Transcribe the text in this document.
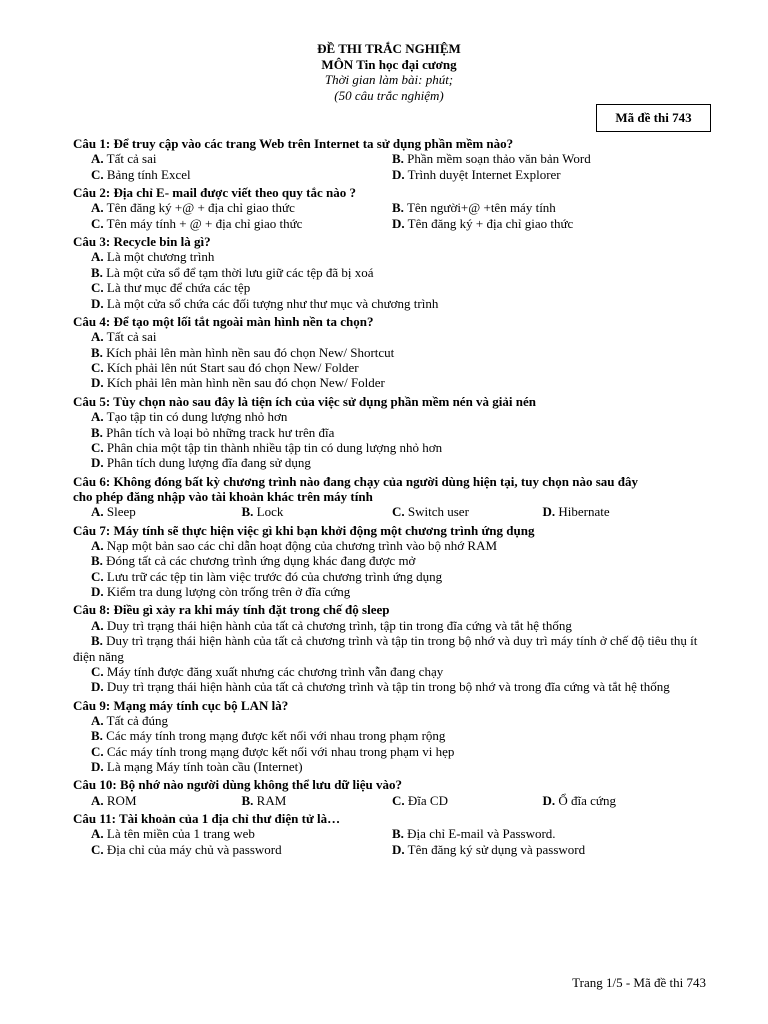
ĐỀ THI TRẮC NGHIỆM
MÔN Tin học đại cương
Thời gian làm bài: phút;
(50 câu trắc nghiệm)
Mã đề thi 743
Câu 1: Để truy cập vào các trang Web trên Internet ta sử dụng phần mềm nào?
A. Tất cả sai	B. Phần mềm soạn thảo văn bản Word
C. Bảng tính Excel	D. Trình duyệt Internet Explorer
Câu 2: Địa chỉ E- mail được viết theo quy tắc nào ?
A. Tên đăng ký +@ + địa chỉ giao thức	B. Tên người+@ +tên máy tính
C. Tên máy tính + @ + địa chỉ giao thức	D. Tên đăng ký + địa chỉ giao thức
Câu 3: Recycle bin là gì?
A. Là một chương trình
B. Là một cửa sổ để tạm thời lưu giữ các tệp đã bị xoá
C. Là thư mục để chứa các tệp
D. Là một cửa sổ chứa các đối tượng như thư mục và chương trình
Câu 4: Để tạo một lối tắt ngoài màn hình nền ta chọn?
A. Tất cả sai
B. Kích phải lên màn hình nền sau đó chọn New/ Shortcut
C. Kích phải lên nút Start sau đó chọn New/ Folder
D. Kích phải lên màn hình nền sau đó chọn New/ Folder
Câu 5: Tùy chọn nào sau đây là tiện ích của việc sử dụng phần mềm nén và giải nén
A. Tạo tập tin có dung lượng nhỏ hơn
B. Phân tích và loại bỏ những track hư trên đĩa
C. Phân chia một tập tin thành nhiều tập tin có dung lượng nhỏ hơn
D. Phân tích dung lượng đĩa đang sử dụng
Câu 6: Không đóng bất kỳ chương trình nào đang chạy của người dùng hiện tại, tuy chọn nào sau đây
cho phép đăng nhập vào tài khoản khác trên máy tính
A. Sleep	B. Lock	C. Switch user	D. Hibernate
Câu 7: Máy tính sẽ thực hiện việc gì khi bạn khởi động một chương trình ứng dụng
A. Nạp một bản sao các chỉ dẫn hoạt động của chương trình vào bộ nhớ RAM
B. Đóng tất cả các chương trình ứng dụng khác đang được mở
C. Lưu trữ các tệp tin làm việc trước đó của chương trình ứng dụng
D. Kiểm tra dung lượng còn trống trên ở đĩa cứng
Câu 8: Điều gì xảy ra khi máy tính đặt trong chế độ sleep
A. Duy trì trạng thái hiện hành của tất cả chương trình, tập tin trong đĩa cứng và tắt hệ thống
B. Duy trì trạng thái hiện hành của tất cả chương trình và tập tin trong bộ nhớ và duy trì máy tính ở chế độ tiêu thụ ít điện năng
C. Máy tính được đăng xuất nhưng các chương trình vẫn đang chạy
D. Duy trì trạng thái hiện hành của tất cả chương trình và tập tin trong bộ nhớ và trong đĩa cứng và tắt hệ thống
Câu 9: Mạng máy tính cục bộ LAN là?
A. Tất cả đúng
B. Các máy tính trong mạng được kết nối với nhau trong phạm rộng
C. Các máy tính trong mạng được kết nối với nhau trong phạm vi hẹp
D. Là mạng Máy tính toàn cầu (Internet)
Câu 10: Bộ nhớ nào người dùng không thể lưu dữ liệu vào?
A. ROM	B. RAM	C. Đĩa CD	D. Ổ đĩa cứng
Câu 11: Tài khoản của 1 địa chỉ thư điện tử là…
A. Là tên miền của 1 trang web	B. Địa chỉ E-mail và Password.
C. Địa chỉ của máy chủ và password	D. Tên đăng ký sử dụng và password
Trang 1/5 - Mã đề thi 743
